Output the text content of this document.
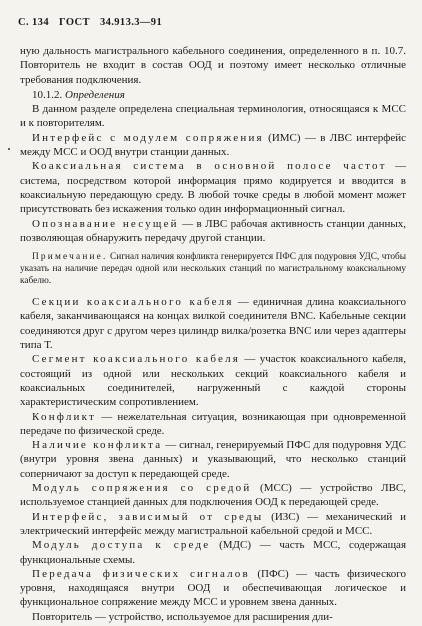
С. 134 ГОСТ 34.913.3—91

ную дальность магистрального кабельного соединения, определенного в п. 10.7. Повторитель не входит в состав ООД и поэтому имеет несколько отличные требования подключения.

10.1.2. Определения

В данном разделе определена специальная терминология, относящаяся к МСС и к повторителям.

Интерфейс с модулем сопряжения (ИМС) — в ЛВС интерфейс между МСС и ООД внутри станции данных.

Коаксиальная система в основной полосе частот — система, посредством которой информация прямо кодируется и вводится в коаксиальную передающую среду. В любой точке среды в любой момент может присутствовать без искажения только один информационный сигнал.

Опознавание несущей — в ЛВС рабочая активность станции данных, позволяющая обнаружить передачу другой станции.

Примечание. Сигнал наличия конфликта генерируется ПФС для подуровня УДС, чтобы указать на наличие передач одной или нескольких станций по магистральному коаксиальному кабелю.

Секции коаксиального кабеля — единичная длина коаксиального кабеля, заканчивающаяся на концах вилкой соединителя BNC. Кабельные секции соединяются друг с другом через цилиндр вилка/розетка BNC или через адаптеры типа Т.

Сегмент коаксиального кабеля — участок коаксиального кабеля, состоящий из одной или нескольких секций коаксиального кабеля и коаксиальных соединителей, нагруженный с каждой стороны характеристическим сопротивлением.

Конфликт — нежелательная ситуация, возникающая при одновременной передаче по физической среде.

Наличие конфликта — сигнал, генерируемый ПФС для подуровня УДС (внутри уровня звена данных) и указывающий, что несколько станций соперничают за доступ к передающей среде.

Модуль сопряжения со средой (МСС) — устройство ЛВС, используемое станцией данных для подключения ООД к передающей среде.

Интерфейс, зависимый от среды (ИЗС) — механический и электрический интерфейс между магистральной кабельной средой и МСС.

Модуль доступа к среде (МДС) — часть МСС, содержащая функциональные схемы.

Передача физических сигналов (ПФС) — часть физического уровня, находящаяся внутри ООД и обеспечивающая логическое и функциональное сопряжение между МСС и уровнем звена данных.

Повторитель — устройство, используемое для расширения дли-
